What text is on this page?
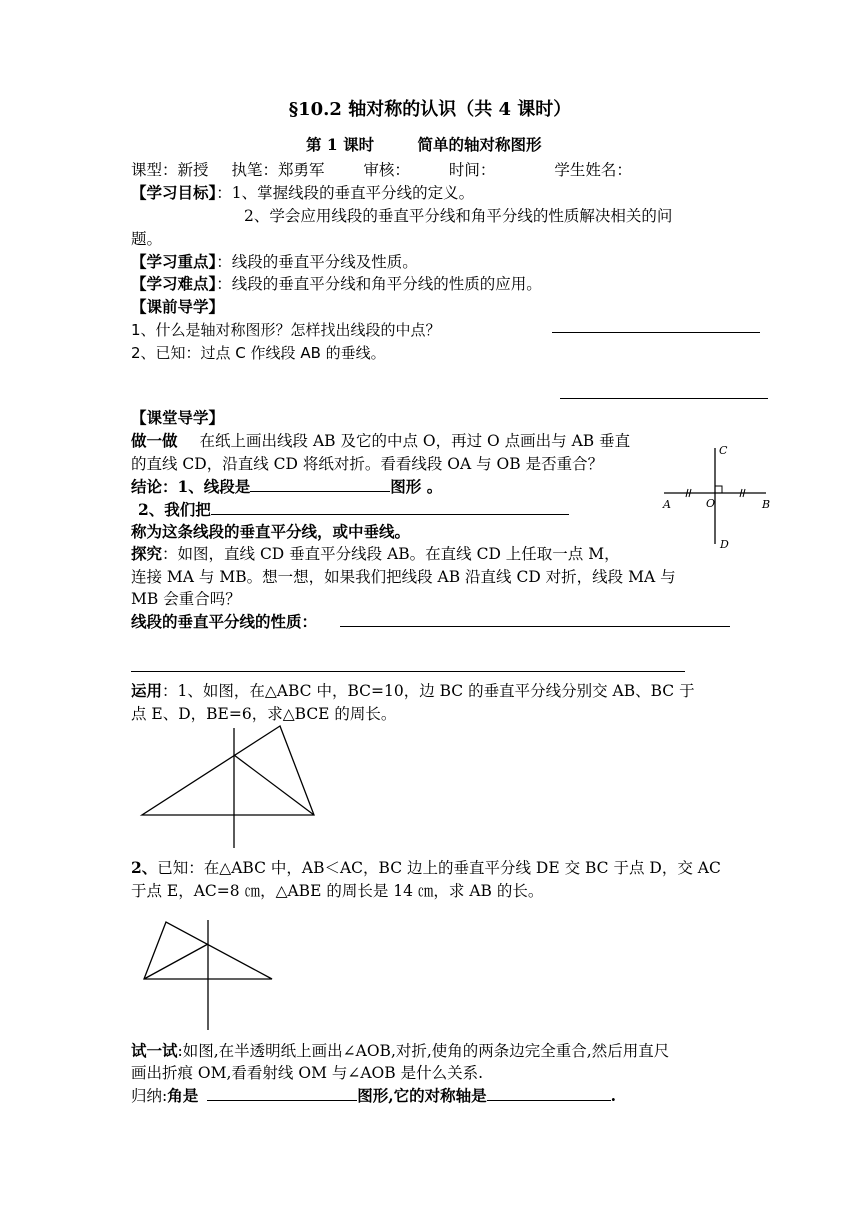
§10.2 轴对称的认识（共 4 课时）
第 1 课时	简单的轴对称图形
课型：新授 执笔：郑勇军	审核：	时间：	学生姓名：
【学习目标】：1、掌握线段的垂直平分线的定义。
2、学会应用线段的垂直平分线和角平分线的性质解决相关的问
题。
【学习重点】：线段的垂直平分线及性质。
【学习难点】：线段的垂直平分线和角平分线的性质的应用。
【课前导学】
1、什么是轴对称图形？怎样找出线段的中点？
2、已知：过点 C 作线段 AB 的垂线。
【课堂导学】
做一做 在纸上画出线段 AB 及它的中点 O，再过 O 点画出与 AB 垂直
的直线 CD，沿直线 CD 将纸对折。看看线段 OA 与 OB 是否重合？
结论：1、线段是	图形 。
2、我们把
称为这条线段的垂直平分线，或中垂线。
A	O	B
C
D
探究：如图，直线 CD 垂直平分线段 AB。在直线 CD 上任取一点 M，
连接 MA 与 MB。想一想，如果我们把线段 AB 沿直线 CD 对折，线段 MA 与
MB 会重合吗？
线段的垂直平分线的性质：
运用：1、如图，在△ABC 中，BC=10，边 BC 的垂直平分线分别交 AB、BC 于
点 E、D，BE=6，求△BCE 的周长。
2、已知：在△ABC 中，AB＜AC，BC 边上的垂直平分线 DE 交 BC 于点 D，交 AC
于点 E，AC=8 ㎝，△ABE 的周长是 14 ㎝，求 AB 的长。
试一试:如图,在半透明纸上画出∠AOB,对折,使角的两条边完全重合,然后用直尺
画出折痕 OM,看看射线 OM 与∠AOB 是什么关系.
归纳:角是	图形,它的对称轴是	.
